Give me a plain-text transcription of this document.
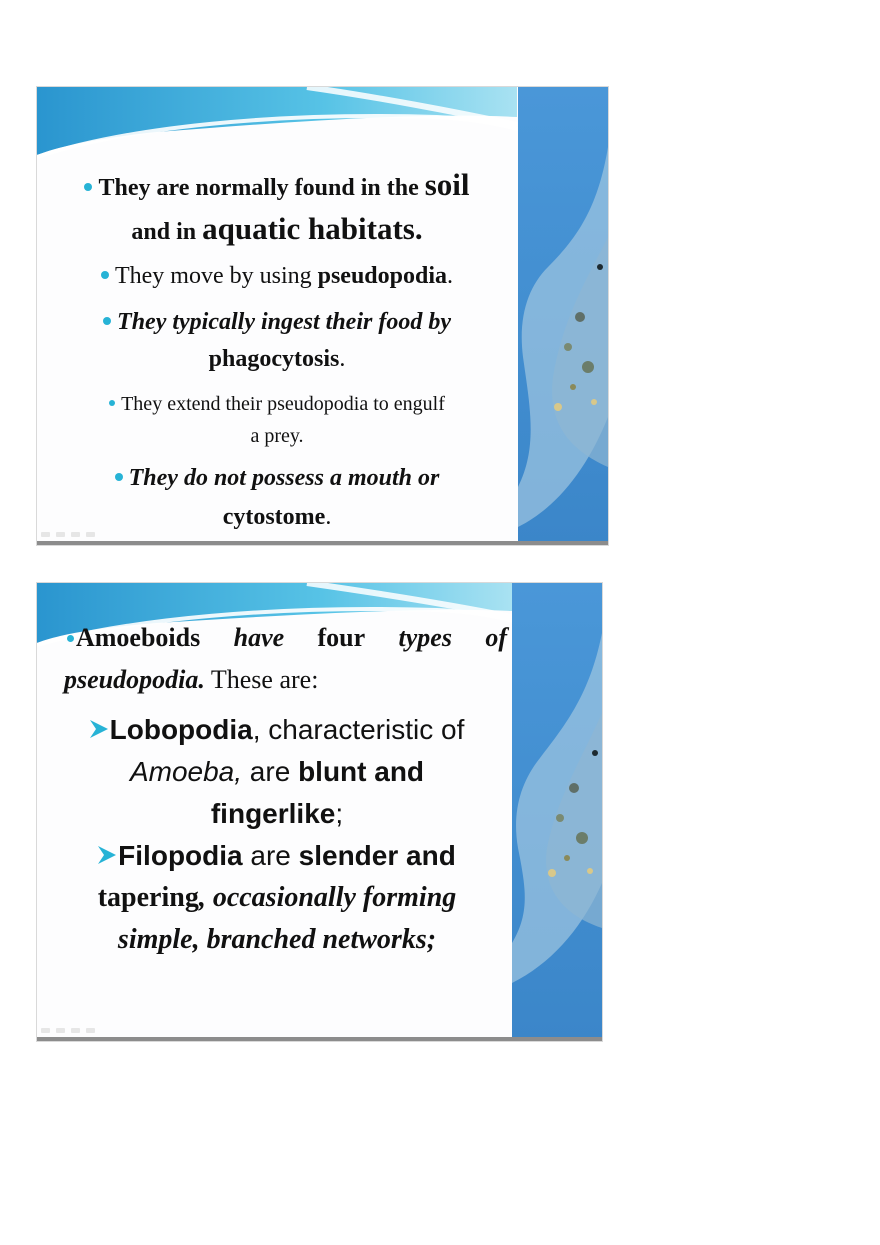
They are normally found in the soil
and in aquatic habitats.
They move by using pseudopodia.
They typically ingest their food by
phagocytosis.
They extend their pseudopodia to engulf
a prey.
They do not possess a mouth or
cytostome.
Amoeboids have four types of
pseudopodia. These are:
Lobopodia, characteristic of
Amoeba, are blunt and
fingerlike;
Filopodia are slender and
tapering, occasionally forming
simple, branched networks;
